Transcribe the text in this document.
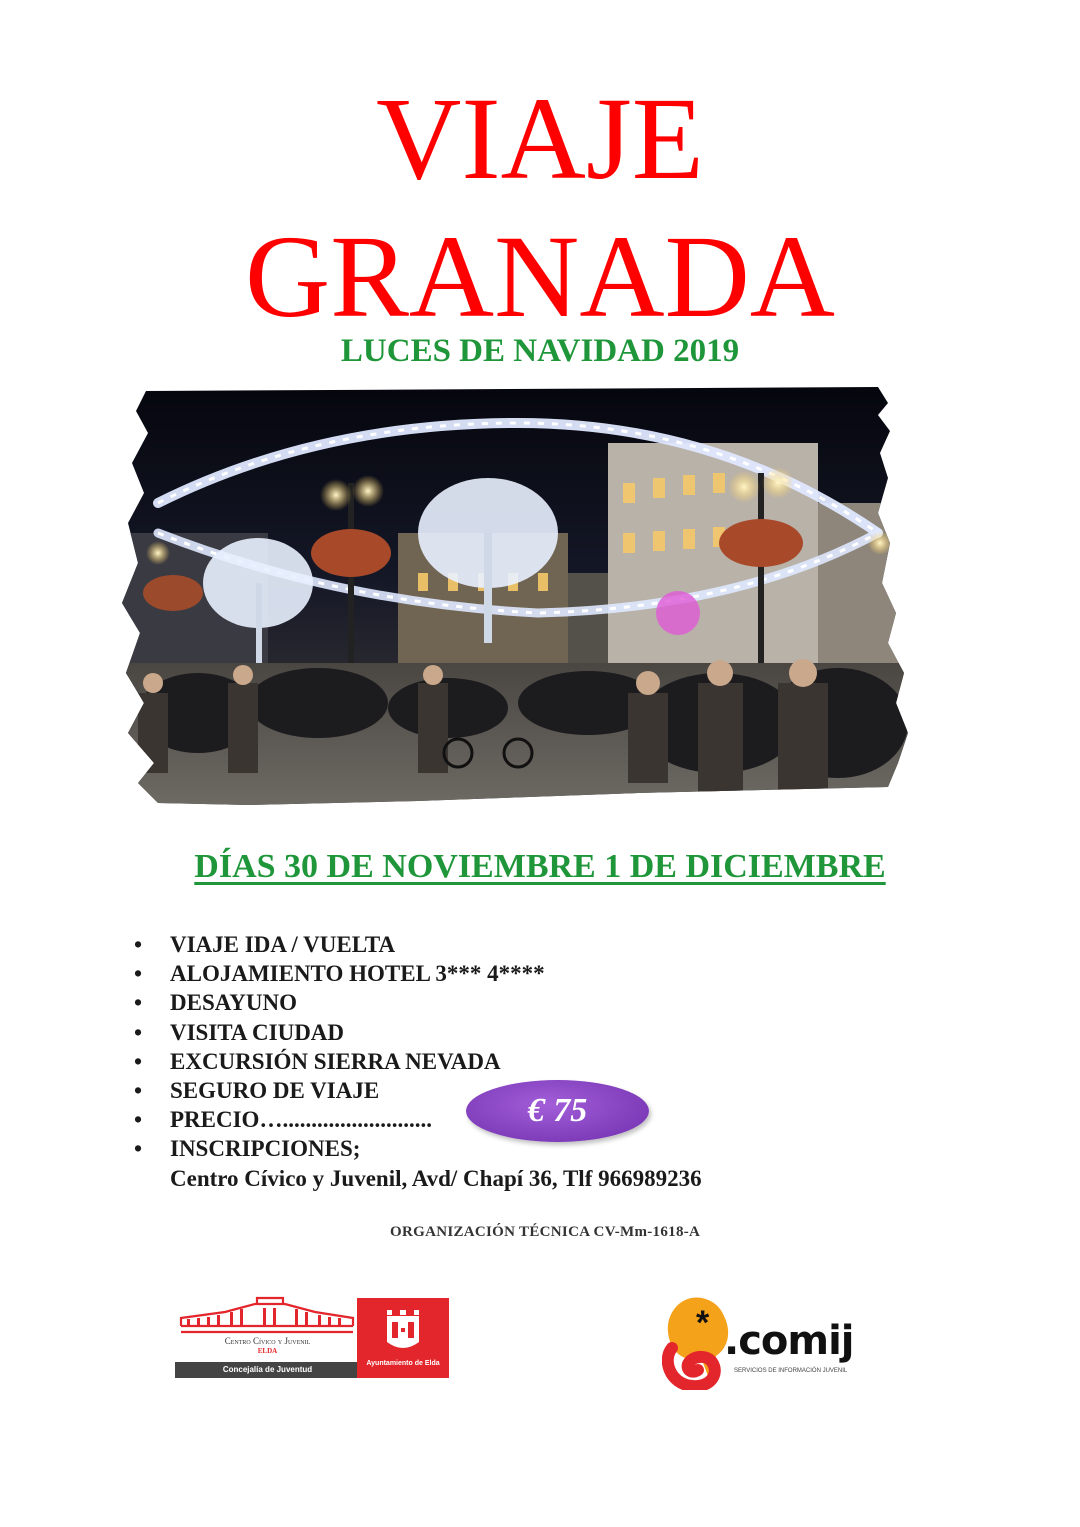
VIAJE
GRANADA
LUCES DE NAVIDAD 2019
DÍAS 30 DE NOVIEMBRE 1 DE DICIEMBRE
• VIAJE IDA / VUELTA
• ALOJAMIENTO HOTEL 3*** 4****
• DESAYUNO
• VISITA CIUDAD
• EXCURSIÓN SIERRA NEVADA
• SEGURO DE VIAJE
• PRECIO…..........................
• INSCRIPCIONES;
Centro Cívico y Juvenil, Avd/ Chapí 36, Tlf 966989236
€ 75
ORGANIZACIÓN TÉCNICA CV-Mm-1618-A
Centro Cívico y Juvenil
ELDA
Concejalía de Juventud
Ayuntamiento de Elda
* .comij
SERVICIOS DE INFORMACIÓN JUVENIL
